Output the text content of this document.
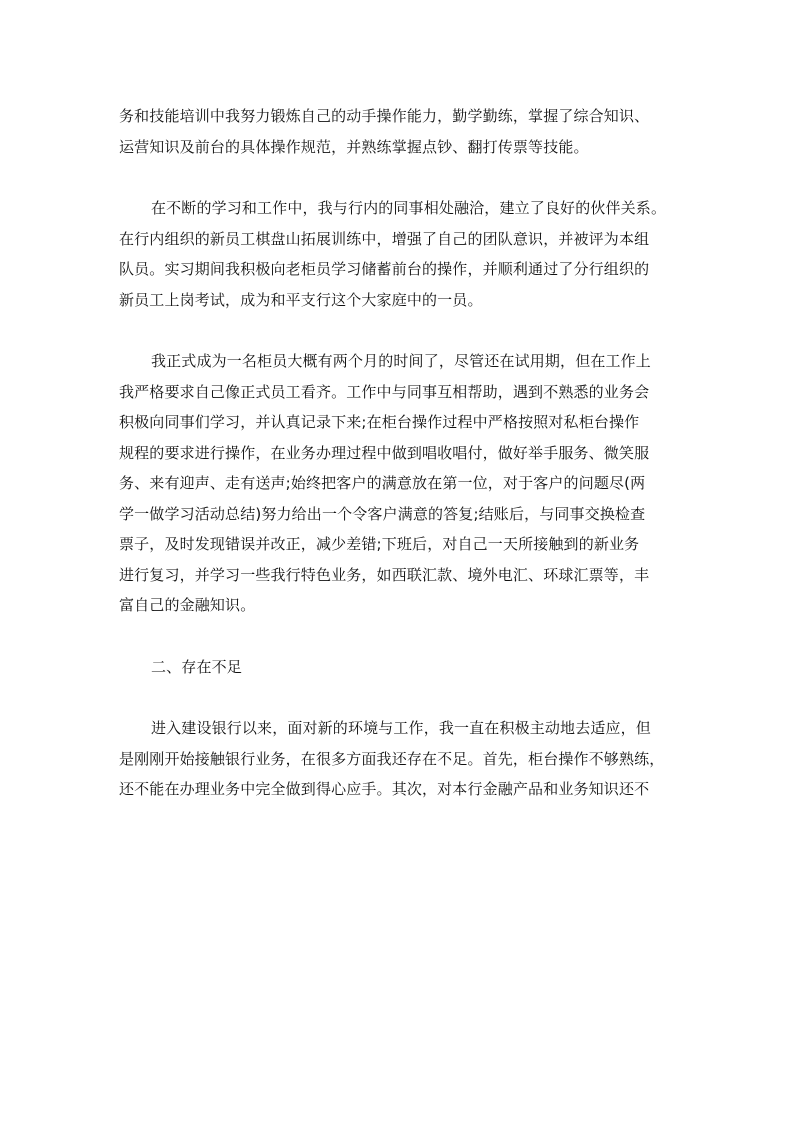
务和技能培训中我努力锻炼自己的动手操作能力，勤学勤练，掌握了综合知识、
运营知识及前台的具体操作规范，并熟练掌握点钞、翻打传票等技能。
在不断的学习和工作中，我与行内的同事相处融洽，建立了良好的伙伴关系。
在行内组织的新员工棋盘山拓展训练中，增强了自己的团队意识，并被评为本组
队员。实习期间我积极向老柜员学习储蓄前台的操作，并顺利通过了分行组织的
新员工上岗考试，成为和平支行这个大家庭中的一员。
我正式成为一名柜员大概有两个月的时间了，尽管还在试用期，但在工作上
我严格要求自己像正式员工看齐。工作中与同事互相帮助，遇到不熟悉的业务会
积极向同事们学习，并认真记录下来;在柜台操作过程中严格按照对私柜台操作
规程的要求进行操作，在业务办理过程中做到唱收唱付，做好举手服务、微笑服
务、来有迎声、走有送声;始终把客户的满意放在第一位，对于客户的问题尽(两
学一做学习活动总结)努力给出一个令客户满意的答复;结账后，与同事交换检查
票子，及时发现错误并改正，减少差错;下班后，对自己一天所接触到的新业务
进行复习，并学习一些我行特色业务，如西联汇款、境外电汇、环球汇票等，丰
富自己的金融知识。
二、存在不足
进入建设银行以来，面对新的环境与工作，我一直在积极主动地去适应，但
是刚刚开始接触银行业务，在很多方面我还存在不足。首先，柜台操作不够熟练，
还不能在办理业务中完全做到得心应手。其次，对本行金融产品和业务知识还不
